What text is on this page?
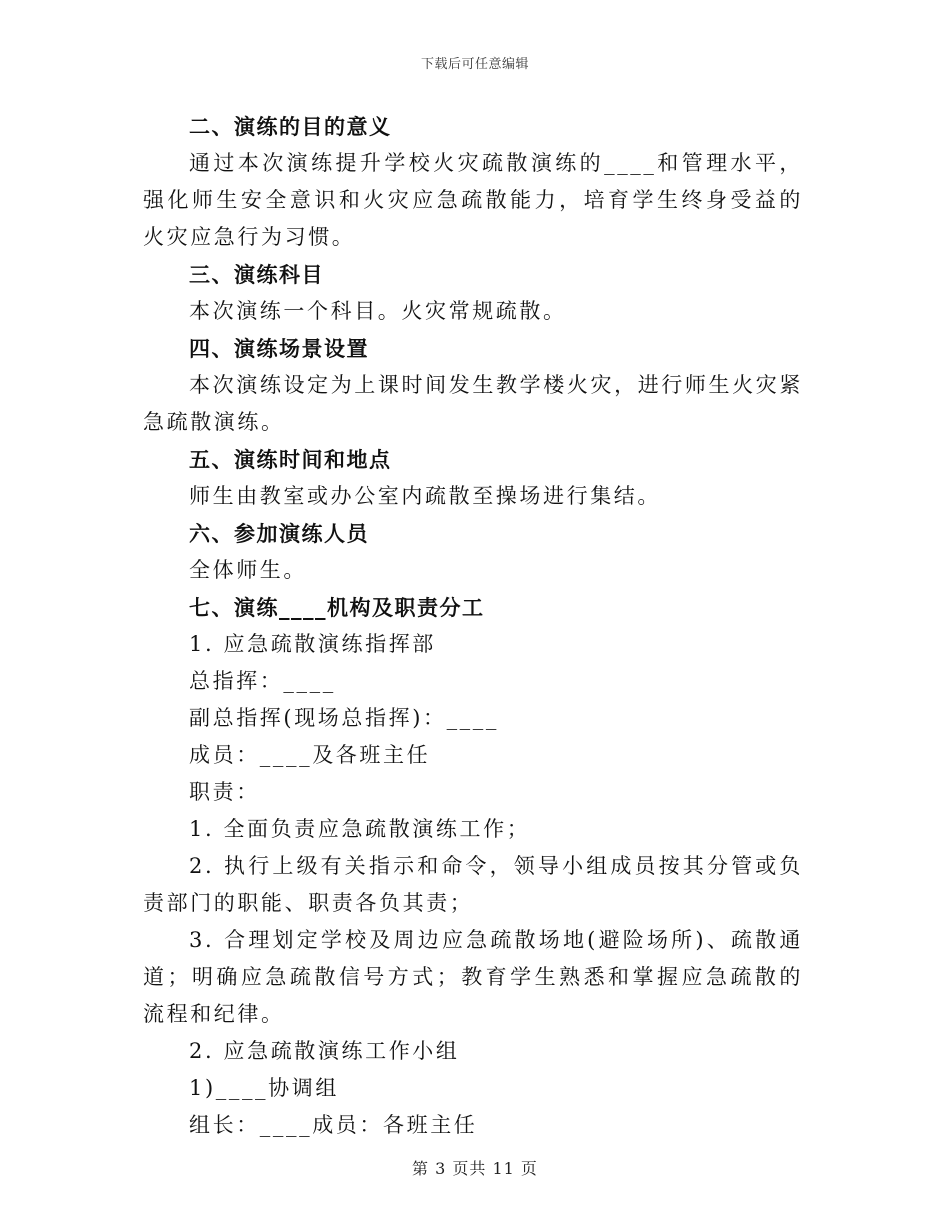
下载后可任意编辑
二、演练的目的意义
通过本次演练提升学校火灾疏散演练的____和管理水平，强化师生安全意识和火灾应急疏散能力，培育学生终身受益的火灾应急行为习惯。
三、演练科目
本次演练一个科目。火灾常规疏散。
四、演练场景设置
本次演练设定为上课时间发生教学楼火灾，进行师生火灾紧急疏散演练。
五、演练时间和地点
师生由教室或办公室内疏散至操场进行集结。
六、参加演练人员
全体师生。
七、演练____机构及职责分工
1. 应急疏散演练指挥部
总指挥：____
副总指挥(现场总指挥)：____
成员：____及各班主任
职责：
1. 全面负责应急疏散演练工作；
2. 执行上级有关指示和命令，领导小组成员按其分管或负责部门的职能、职责各负其责；
3. 合理划定学校及周边应急疏散场地(避险场所)、疏散通道；明确应急疏散信号方式；教育学生熟悉和掌握应急疏散的流程和纪律。
2. 应急疏散演练工作小组
1)____协调组
组长：____成员：各班主任
第 3 页共 11 页
